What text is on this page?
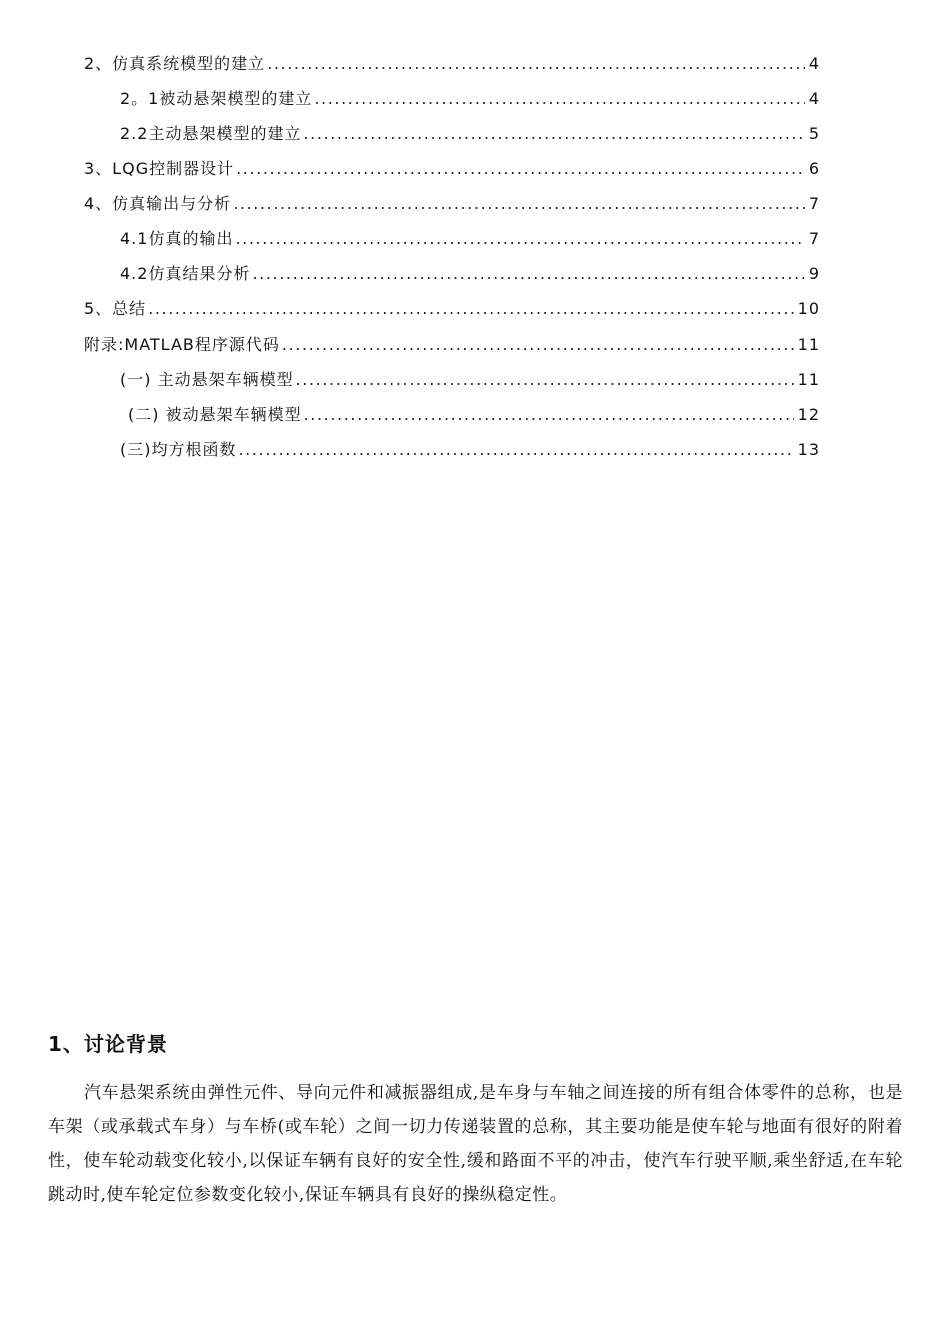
2、仿真系统模型的建立 .....	4
2。1被动悬架模型的建立 .....	4
2.2主动悬架模型的建立 .....	5
3、LQG控制器设计 .....	6
4、仿真输出与分析 .....	7
4.1仿真的输出 .....	7
4.2仿真结果分析 .....	9
5、总结 .....	10
附录:MATLAB程序源代码 .....	11
(一) 主动悬架车辆模型 .....	11
(二) 被动悬架车辆模型 .....	12
(三)均方根函数 .....	13
1、讨论背景

汽车悬架系统由弹性元件、导向元件和减振器组成,是车身与车轴之间连接的所有组合体零件的总称，也是车架（或承载式车身）与车桥(或车轮）之间一切力传递装置的总称，其主要功能是使车轮与地面有很好的附着性，使车轮动载变化较小,以保证车辆有良好的安全性,缓和路面不平的冲击，使汽车行驶平顺,乘坐舒适,在车轮跳动时,使车轮定位参数变化较小,保证车辆具有良好的操纵稳定性。
